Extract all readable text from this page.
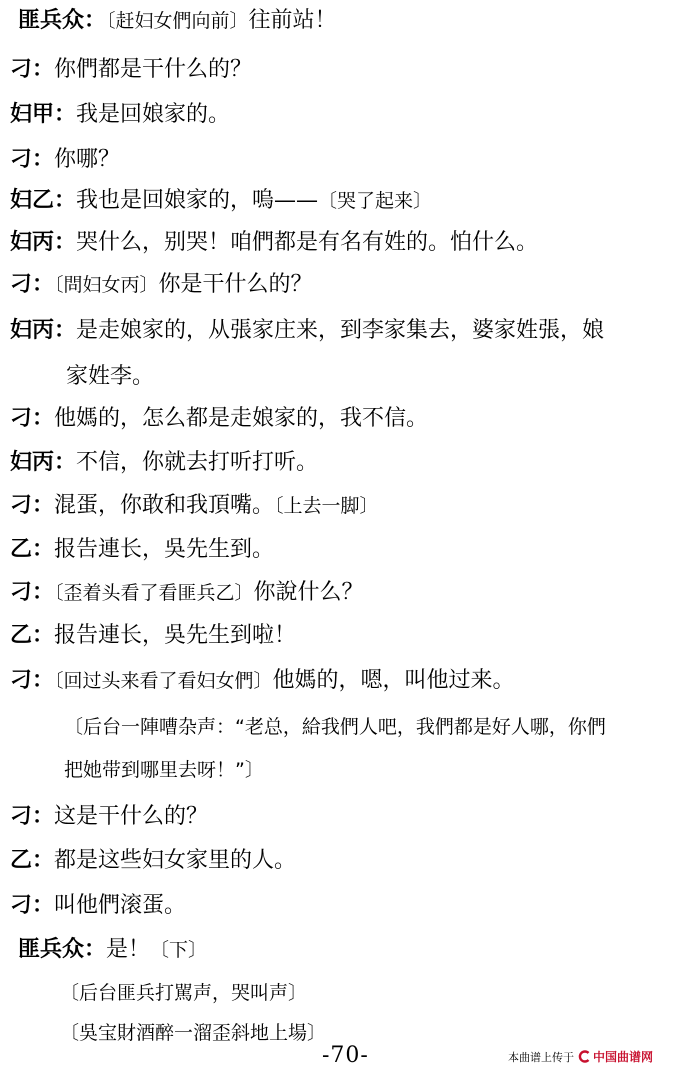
匪兵众：〔赶妇女們向前〕往前站！
刁：你們都是干什么的？
妇甲：我是回娘家的。
刁：你哪？
妇乙：我也是回娘家的，嗚——〔哭了起来〕
妇丙：哭什么，别哭！咱們都是有名有姓的。怕什么。
刁：〔問妇女丙〕你是干什么的？
妇丙：是走娘家的，从張家庄来，到李家集去，婆家姓張，娘
家姓李。
刁：他媽的，怎么都是走娘家的，我不信。
妇丙：不信，你就去打听打听。
刁：混蛋，你敢和我頂嘴。〔上去一脚〕
乙：报告連长，吳先生到。
刁：〔歪着头看了看匪兵乙〕你說什么？
乙：报告連长，吳先生到啦！
刁：〔回过头来看了看妇女們〕他媽的，嗯，叫他过来。
〔后台一陣嘈杂声：“老总，給我們人吧，我們都是好人哪，你們
把她带到哪里去呀！”〕
刁：这是干什么的？
乙：都是这些妇女家里的人。
刁：叫他們滚蛋。
匪兵众：是！〔下〕
〔后台匪兵打駡声，哭叫声〕
〔吳宝財酒醉一溜歪斜地上場〕
-70-	本曲谱上传于 中国曲谱网
